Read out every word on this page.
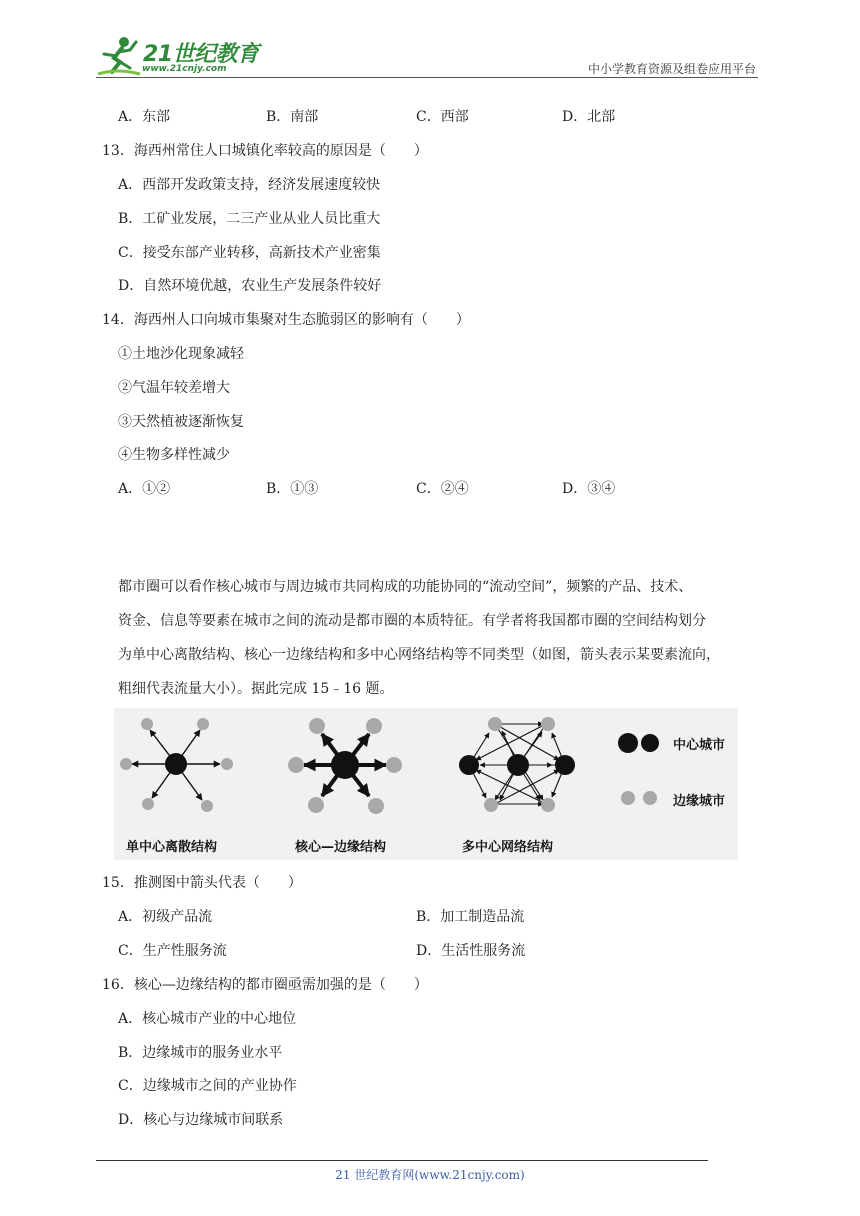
21世纪教育
www.21cnjy.com	中小学教育资源及组卷应用平台
A．东部	B．南部	C．西部	D．北部
13．海西州常住人口城镇化率较高的原因是（　　）
A．西部开发政策支持，经济发展速度较快
B．工矿业发展，二三产业从业人员比重大
C．接受东部产业转移，高新技术产业密集
D．自然环境优越，农业生产发展条件较好
14．海西州人口向城市集聚对生态脆弱区的影响有（　　）
①土地沙化现象减轻
②气温年较差增大
③天然植被逐渐恢复
④生物多样性减少
A．①②	B．①③	C．②④	D．③④

都市圈可以看作核心城市与周边城市共同构成的功能协同的“流动空间”，频繁的产品、技术、

资金、信息等要素在城市之间的流动是都市圈的本质特征。有学者将我国都市圈的空间结构划分

为单中心离散结构、核心一边缘结构和多中心网络结构等不同类型（如图，箭头表示某要素流向，

粗细代表流量大小）。据此完成 15﹣16 题。

单中心离散结构	核心—边缘结构	多中心网络结构
中心城市
边缘城市
15．推测图中箭头代表（　　）
A．初级产品流	B．加工制造品流
C．生产性服务流	D．生活性服务流
16．核心—边缘结构的都市圈亟需加强的是（　　）
A．核心城市产业的中心地位
B．边缘城市的服务业水平
C．边缘城市之间的产业协作
D．核心与边缘城市间联系
21 世纪教育网(www.21cnjy.com)
